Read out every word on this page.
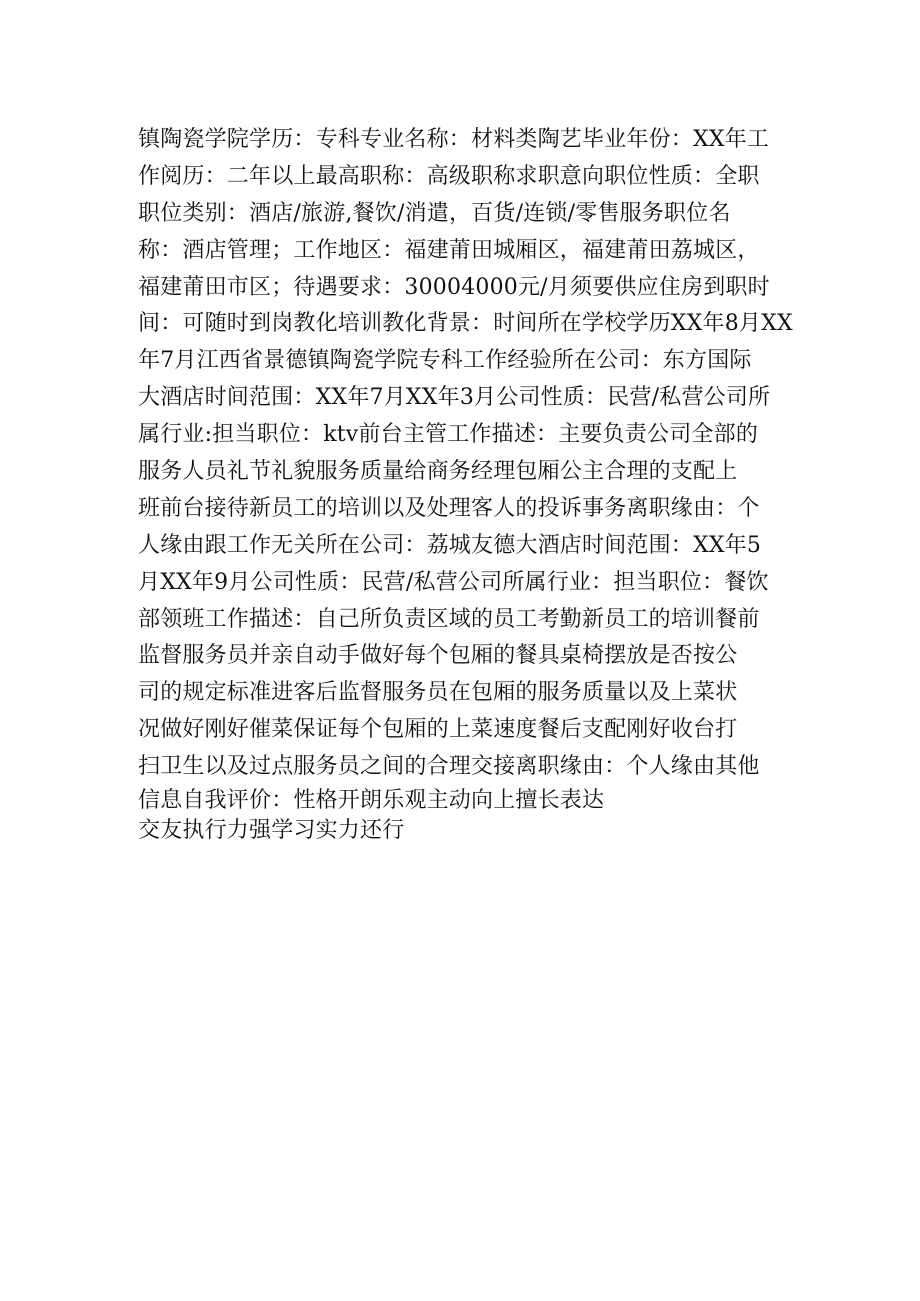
镇陶瓷学院学历：专科专业名称：材料类陶艺毕业年份：XX年工
作阅历：二年以上最高职称：高级职称求职意向职位性质：全职
职位类别：酒店/旅游,餐饮/消遣，百货/连锁/零售服务职位名
称：酒店管理；工作地区：福建莆田城厢区，福建莆田荔城区，
福建莆田市区；待遇要求：30004000元/月须要供应住房到职时
间：可随时到岗教化培训教化背景：时间所在学校学历XX年8月XX
年7月江西省景德镇陶瓷学院专科工作经验所在公司：东方国际
大酒店时间范围：XX年7月XX年3月公司性质：民营/私营公司所
属行业:担当职位：ktv前台主管工作描述：主要负责公司全部的
服务人员礼节礼貌服务质量给商务经理包厢公主合理的支配上
班前台接待新员工的培训以及处理客人的投诉事务离职缘由：个
人缘由跟工作无关所在公司：荔城友德大酒店时间范围：XX年5
月XX年9月公司性质：民营/私营公司所属行业：担当职位：餐饮
部领班工作描述：自己所负责区域的员工考勤新员工的培训餐前
监督服务员并亲自动手做好每个包厢的餐具桌椅摆放是否按公
司的规定标准进客后监督服务员在包厢的服务质量以及上菜状
况做好刚好催菜保证每个包厢的上菜速度餐后支配刚好收台打
扫卫生以及过点服务员之间的合理交接离职缘由：个人缘由其他
信息自我评价：性格开朗乐观主动向上擅长表达
交友执行力强学习实力还行
